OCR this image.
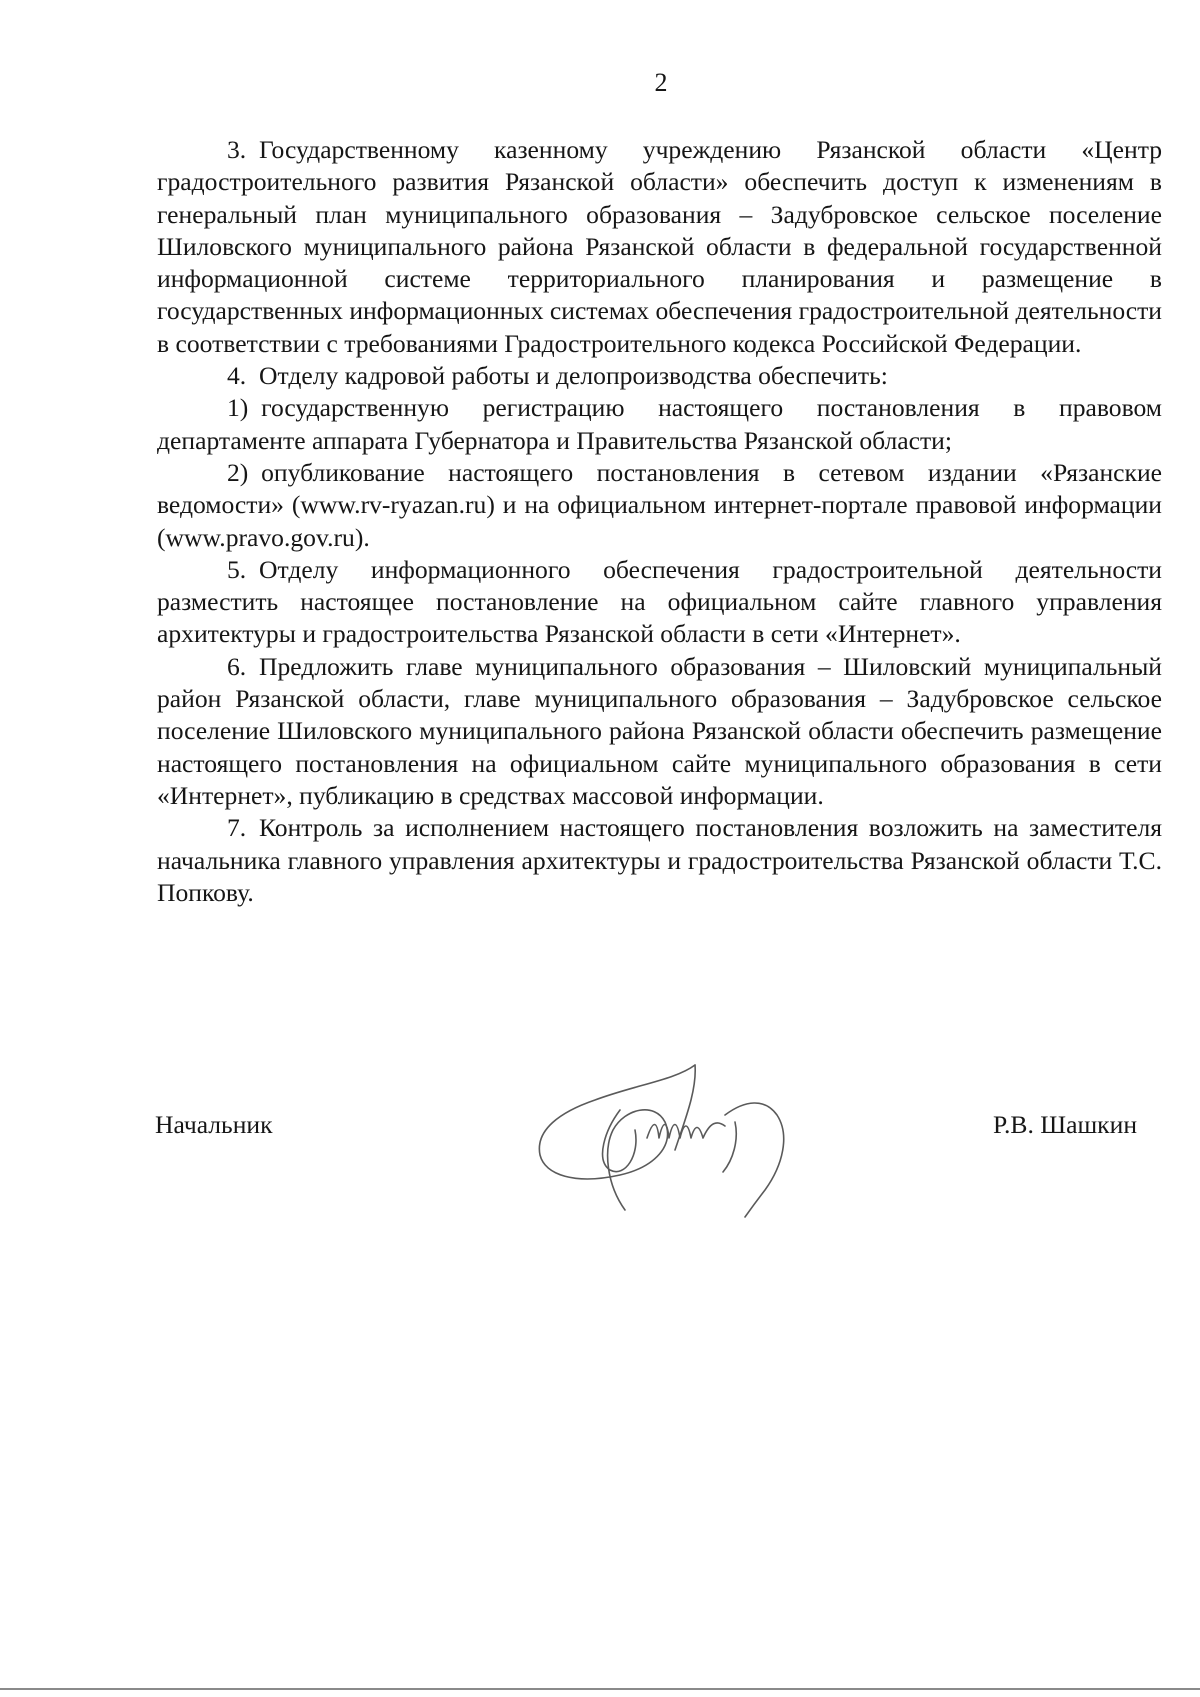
2

3. Государственному казенному учреждению Рязанской области «Центр градостроительного развития Рязанской области» обеспечить доступ к изменениям в генеральный план муниципального образования – Задубровское сельское поселение Шиловского муниципального района Рязанской области в федеральной государственной информационной системе территориального планирования и размещение в государственных информационных системах обеспечения градостроительной деятельности в соответствии с требованиями Градостроительного кодекса Российской Федерации.

4. Отделу кадровой работы и делопроизводства обеспечить:

1) государственную регистрацию настоящего постановления в правовом департаменте аппарата Губернатора и Правительства Рязанской области;

2) опубликование настоящего постановления в сетевом издании «Рязанские ведомости» (www.rv-ryazan.ru) и на официальном интернет-портале правовой информации (www.pravo.gov.ru).

5. Отделу информационного обеспечения градостроительной деятельности разместить настоящее постановление на официальном сайте главного управления архитектуры и градостроительства Рязанской области в сети «Интернет».

6. Предложить главе муниципального образования – Шиловский муниципальный район Рязанской области, главе муниципального образования – Задубровское сельское поселение Шиловского муниципального района Рязанской области обеспечить размещение настоящего постановления на официальном сайте муниципального образования в сети «Интернет», публикацию в средствах массовой информации.

7. Контроль за исполнением настоящего постановления возложить на заместителя начальника главного управления архитектуры и градостроительства Рязанской области Т.С. Попкову.

Начальник	Р.В. Шашкин
